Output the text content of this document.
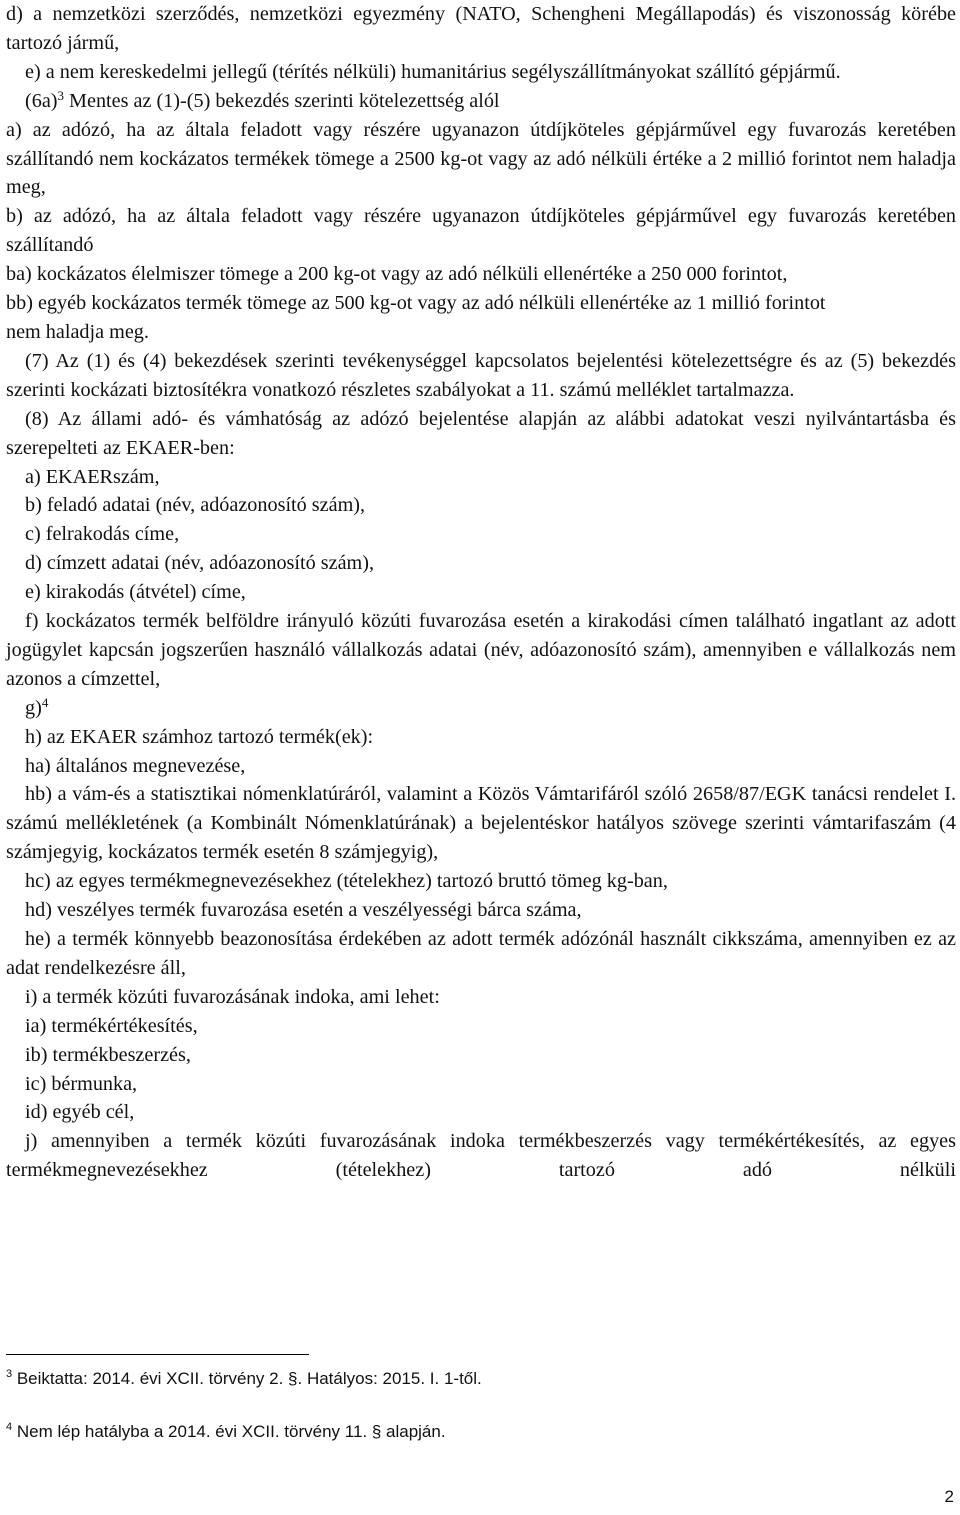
d) a nemzetközi szerződés, nemzetközi egyezmény (NATO, Schengheni Megállapodás) és viszonosság körébe tartozó jármű,

e) a nem kereskedelmi jellegű (térítés nélküli) humanitárius segélyszállítmányokat szállító gépjármű.

$(6a)^3$ Mentes az (1)-(5) bekezdés szerinti kötelezettség alól

a) az adózó, ha az általa feladott vagy részére ugyanazon útdíjköteles gépjárművel egy fuvarozás keretében szállítandó nem kockázatos termékek tömege a 2500 kg-ot vagy az adó nélküli értéke a 2 millió forintot nem haladja meg,

b) az adózó, ha az általa feladott vagy részére ugyanazon útdíjköteles gépjárművel egy fuvarozás keretében szállítandó

ba) kockázatos élelmiszer tömege a 200 kg-ot vagy az adó nélküli ellenértéke a 250 000 forintot,

bb) egyéb kockázatos termék tömege az 500 kg-ot vagy az adó nélküli ellenértéke az 1 millió forintot

nem haladja meg.

(7) Az (1) és (4) bekezdések szerinti tevékenységgel kapcsolatos bejelentési kötelezettségre és az (5) bekezdés szerinti kockázati biztosítékra vonatkozó részletes szabályokat a 11. számú melléklet tartalmazza.

(8) Az állami adó- és vámhatóság az adózó bejelentése alapján az alábbi adatokat veszi nyilvántartásba és szerepelteti az EKAER-ben:

a) EKAERszám,

b) feladó adatai (név, adóazonosító szám),

c) felrakodás címe,

d) címzett adatai (név, adóazonosító szám),

e) kirakodás (átvétel) címe,

f) kockázatos termék belföldre irányuló közúti fuvarozása esetén a kirakodási címen található ingatlant az adott jogügylet kapcsán jogszerűen használó vállalkozás adatai (név, adóazonosító szám), amennyiben e vállalkozás nem azonos a címzettel,

g)$^4$

h) az EKAER számhoz tartozó termék(ek):

ha) általános megnevezése,

hb) a vám-és a statisztikai nómenklatúráról, valamint a Közös Vámtarifáról szóló 2658/87/EGK tanácsi rendelet I. számú mellékletének (a Kombinált Nómenklatúrának) a bejelentéskor hatályos szövege szerinti vámtarifaszám (4 számjegyig, kockázatos termék esetén 8 számjegyig),

hc) az egyes termékmegnevezésekhez (tételekhez) tartozó bruttó tömeg kg-ban,

hd) veszélyes termék fuvarozása esetén a veszélyességi bárca száma,

he) a termék könnyebb beazonosítása érdekében az adott termék adózónál használt cikkszáma, amennyiben ez az adat rendelkezésre áll,

i) a termék közúti fuvarozásának indoka, ami lehet:

ia) termékértékesítés,

ib) termékbeszerzés,

ic) bérmunka,

id) egyéb cél,

j) amennyiben a termék közúti fuvarozásának indoka termékbeszerzés vagy termékértékesítés, az egyes termékmegnevezésekhez (tételekhez) tartozó adó nélküli

$^3$ Beiktatta: 2014. évi XCII. törvény 2. §. Hatályos: 2015. I. 1-től.
$^4$ Nem lép hatályba a 2014. évi XCII. törvény 11. § alapján.
2
